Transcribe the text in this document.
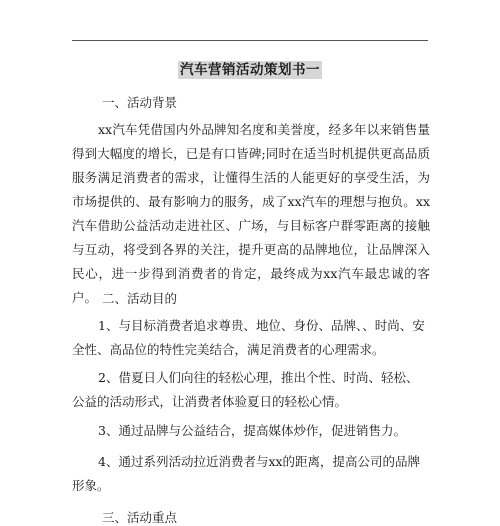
汽车营销活动策划书一
一、活动背景
xx汽车凭借国内外品牌知名度和美誉度，经多年以来销售量得到大幅度的增长，已是有口皆碑;同时在适当时机提供更高品质服务满足消费者的需求，让懂得生活的人能更好的享受生活，为市场提供的、最有影响力的服务，成了xx汽车的理想与抱负。xx汽车借助公益活动走进社区、广场，与目标客户群零距离的接触与互动，将受到各界的关注，提升更高的品牌地位，让品牌深入民心，进一步得到消费者的肯定，最终成为xx汽车最忠诚的客户。 二、活动目的
1、与目标消费者追求尊贵、地位、身份、品牌、、时尚、安全性、高品位的特性完美结合，满足消费者的心理需求。
2、借夏日人们向往的轻松心理，推出个性、时尚、轻松、公益的活动形式，让消费者体验夏日的轻松心情。
3、通过品牌与公益结合，提高媒体炒作，促进销售力。
4、通过系列活动拉近消费者与xx的距离，提高公司的品牌形象。
三、活动重点
